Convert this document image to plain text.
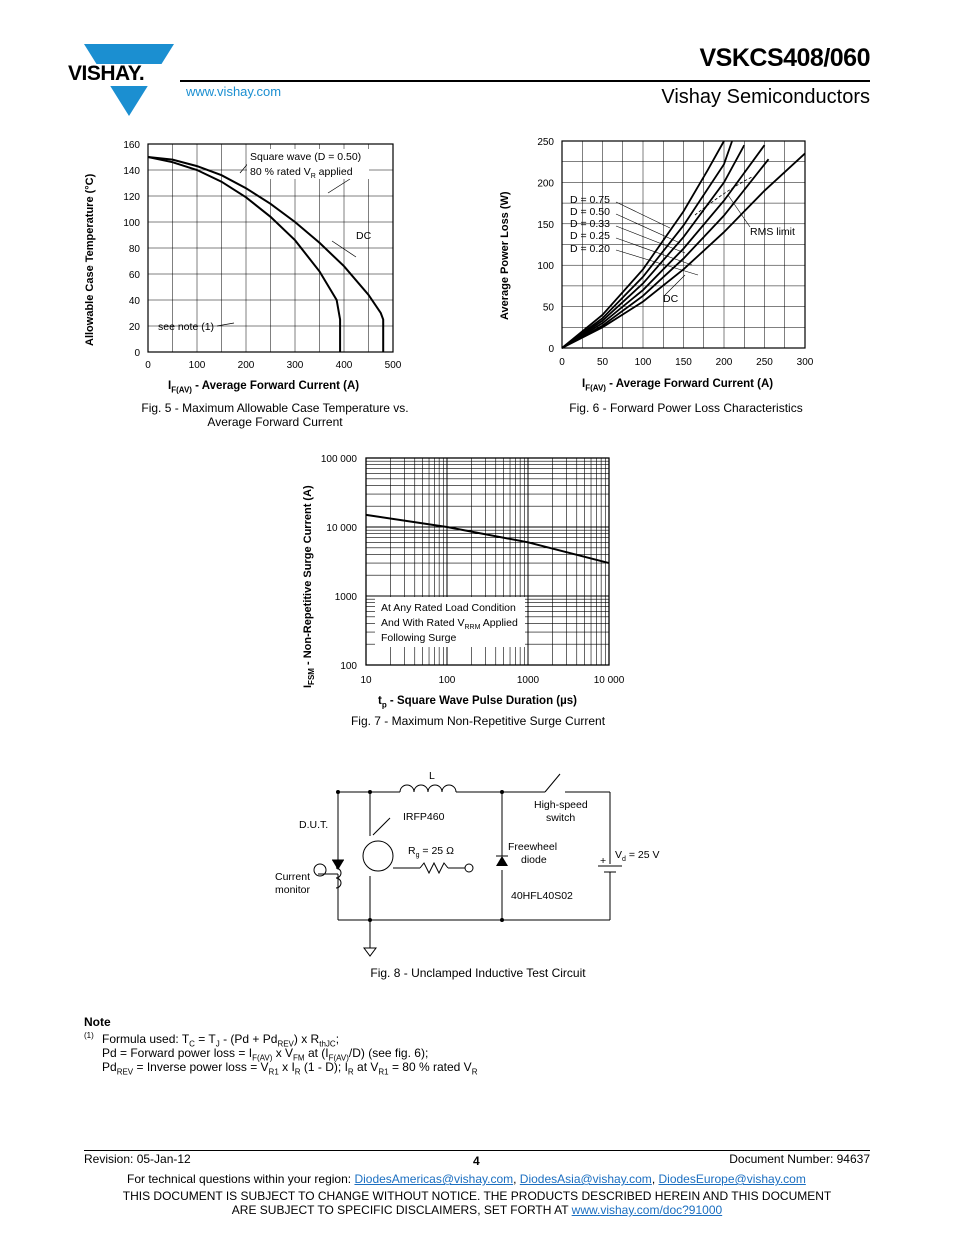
VISHAY.
www.vishay.com
VSKCS408/060
Vishay Semiconductors
0
20
40
60
80
100
120
140
160
0	100	200	300	400	500
Square wave (D = 0.50)
80 % rated $V_R$ applied
DC
see note (1)
Allowable Case Temperature (°C)
$I_{F(AV)}$ - Average Forward Current (A)
Fig. 5 - Maximum Allowable Case Temperature vs.
Average Forward Current
0
50
100
150
200
250
0	50	100 150 200 250 300
D = 0.75
D = 0.50
D = 0.33
D = 0.25
D = 0.20
RMS limit
DC
Average Power Loss (W)
$I_{F(AV)}$ - Average Forward Current (A)
Fig. 6 - Forward Power Loss Characteristics
100
1000
10 000
100 000
10	100	1000	10 000
At Any Rated Load Condition
And With Rated $V_{RRM}$ Applied
Following Surge
$I_{FSM}$ - Non-Repetitive Surge Current (A)
$t_p$ - Square Wave Pulse Duration (µs)
Fig. 7 - Maximum Non-Repetitive Surge Current
L
High-speed
switch
IRFP460
D.U.T.
$R_g = 25$ Ω	Freewheel
diode	$V_d = 25$ V
+
Current
monitor	40HFL40S02
Fig. 8 - Unclamped Inductive Test Circuit
Note
(1) Formula used: $T_C = T_J - (Pd + Pd_{REV})$ x $R_{thJC}$;
Pd = Forward power loss = $I_{F(AV)}$ x $V_{FM}$ at $(I_{F(AV)}/D)$ (see fig. 6);
$Pd_{REV}$ = Inverse power loss = $V_{R1}$ x $I_R$ (1 - D); $I_R$ at $V_{R1} = 80$ % rated $V_R$
Revision: 05-Jan-12	4	Document Number: 94637
For technical questions within your region: DiodesAmericas@vishay.com, DiodesAsia@vishay.com, DiodesEurope@vishay.com
THIS DOCUMENT IS SUBJECT TO CHANGE WITHOUT NOTICE. THE PRODUCTS DESCRIBED HEREIN AND THIS DOCUMENT
ARE SUBJECT TO SPECIFIC DISCLAIMERS, SET FORTH AT www.vishay.com/doc?91000
